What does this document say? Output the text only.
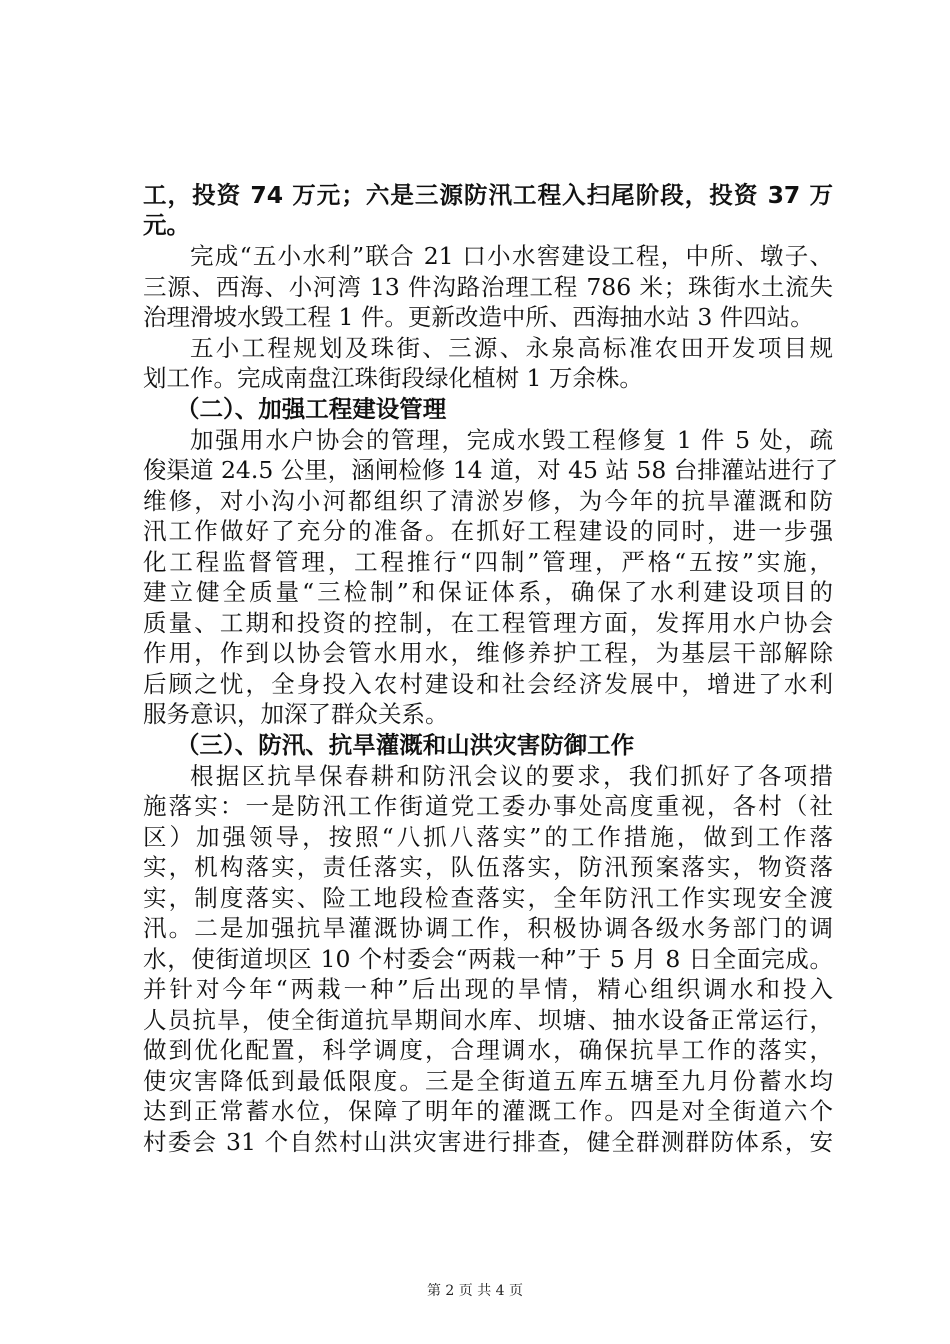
工，投资 74 万元；六是三源防汛工程入扫尾阶段，投资 37 万
元。
完成“五小水利”联合 21 口小水窖建设工程，中所、墩子、
三源、西海、小河湾 13 件沟路治理工程 786 米；珠街水土流失
治理滑坡水毁工程 1 件。更新改造中所、西海抽水站 3 件四站。
五小工程规划及珠街、三源、永泉高标准农田开发项目规
划工作。完成南盘江珠街段绿化植树 1 万余株。
（二）、加强工程建设管理
加强用水户协会的管理，完成水毁工程修复 1 件 5 处，疏
俊渠道 24.5 公里，涵闸检修 14 道，对 45 站 58 台排灌站进行了
维修，对小沟小河都组织了清淤岁修，为今年的抗旱灌溉和防
汛工作做好了充分的准备。在抓好工程建设的同时，进一步强
化工程监督管理，工程推行“四制”管理，严格“五按”实施，
建立健全质量“三检制”和保证体系，确保了水利建设项目的
质量、工期和投资的控制，在工程管理方面，发挥用水户协会
作用，作到以协会管水用水，维修养护工程，为基层干部解除
后顾之忧，全身投入农村建设和社会经济发展中，增进了水利
服务意识，加深了群众关系。
（三）、防汛、抗旱灌溉和山洪灾害防御工作
根据区抗旱保春耕和防汛会议的要求，我们抓好了各项措
施落实：一是防汛工作街道党工委办事处高度重视，各村（社
区）加强领导，按照“八抓八落实”的工作措施，做到工作落
实，机构落实，责任落实，队伍落实，防汛预案落实，物资落
实，制度落实、险工地段检查落实，全年防汛工作实现安全渡
汛。二是加强抗旱灌溉协调工作，积极协调各级水务部门的调
水，使街道坝区 10 个村委会“两栽一种”于 5 月 8 日全面完成。
并针对今年“两栽一种”后出现的旱情，精心组织调水和投入
人员抗旱，使全街道抗旱期间水库、坝塘、抽水设备正常运行，
做到优化配置，科学调度，合理调水，确保抗旱工作的落实，
使灾害降低到最低限度。三是全街道五库五塘至九月份蓄水均
达到正常蓄水位，保障了明年的灌溉工作。四是对全街道六个
村委会 31 个自然村山洪灾害进行排查，健全群测群防体系，安
第 2 页 共 4 页
